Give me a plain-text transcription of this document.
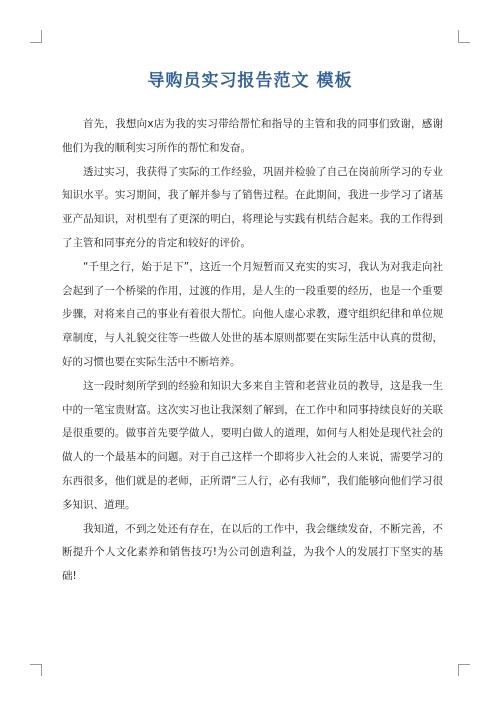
导购员实习报告范文 模板

首先，我想向x店为我的实习带给帮忙和指导的主管和我的同事们致谢，感谢他们为我的顺利实习所作的帮忙和发奋。

透过实习，我获得了实际的工作经验，巩固并检验了自己在岗前所学习的专业知识水平。实习期间，我了解并参与了销售过程。在此期间，我进一步学习了诸基亚产品知识，对机型有了更深的明白，将理论与实践有机结合起来。我的工作得到了主管和同事充分的肯定和较好的评价。

“千里之行，始于足下”，这近一个月短暂而又充实的实习，我认为对我走向社会起到了一个桥梁的作用，过渡的作用，是人生的一段重要的经历，也是一个重要步骤，对将来自己的事业有着很大帮忙。向他人虚心求教，遵守组织纪律和单位规章制度，与人礼貌交往等一些做人处世的基本原则都要在实际生活中认真的贯彻，好的习惯也要在实际生活中不断培养。

这一段时刻所学到的经验和知识大多来自主管和老营业员的教导，这是我一生中的一笔宝贵财富。这次实习也让我深刻了解到，在工作中和同事持续良好的关联是很重要的。做事首先要学做人，要明白做人的道理，如何与人相处是现代社会的做人的一个最基本的问题。对于自己这样一个即将步入社会的人来说，需要学习的东西很多，他们就是的老师，正所谓“三人行，必有我师”，我们能够向他们学习很多知识、道理。

我知道，不到之处还有存在，在以后的工作中，我会继续发奋，不断完善，不断提升个人文化素养和销售技巧!为公司创造利益，为我个人的发展打下坚实的基础!
